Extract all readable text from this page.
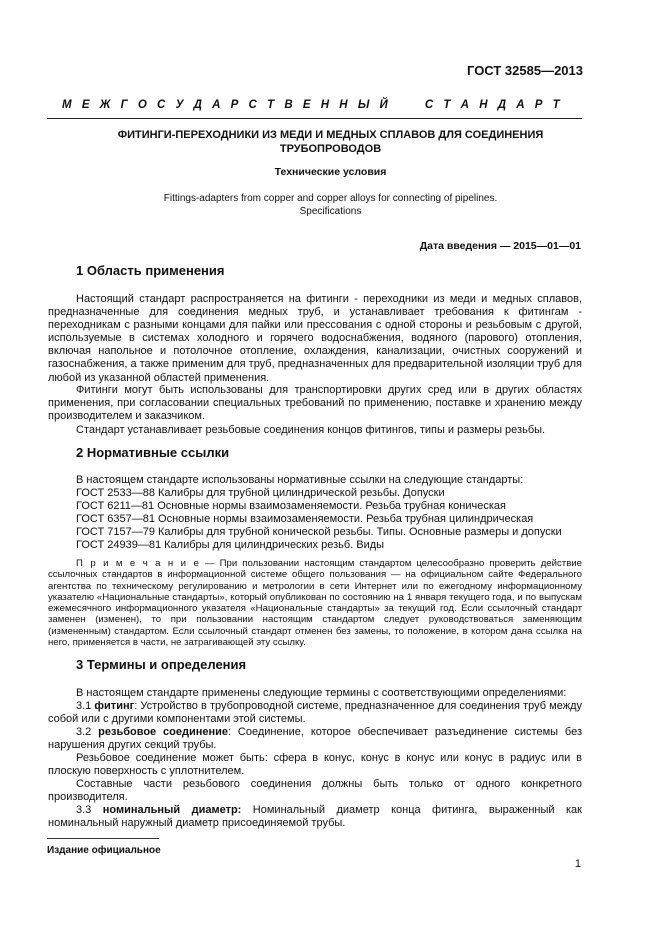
ГОСТ 32585—2013
М Е Ж Г О С У Д А Р С Т В Е Н Н Ы Й

	С Т А Н Д А Р Т
ФИТИНГИ-ПЕРЕХОДНИКИ ИЗ МЕДИ И МЕДНЫХ СПЛАВОВ ДЛЯ СОЕДИНЕНИЯ
ТРУБОПРОВОДОВ
Технические условия
Fittings-adapters from copper and copper alloys for connecting of pipelines.
Specifications
Дата введения — 2015—01—01
1 Область применения
Настоящий стандарт распространяется на фитинги - переходники из меди и медных сплавов, предназначенные для соединения медных труб, и устанавливает требования к фитингам - переходникам с разными концами для пайки или прессования с одной стороны и резьбовым с другой, используемые в системах холодного и горячего водоснабжения, водяного (парового) отопления, включая напольное и потолочное отопление, охлаждения, канализации, очистных сооружений и газоснабжения, а также применим для труб, предназначенных для предварительной изоляции труб для любой из указанной областей применения.
Фитинги могут быть использованы для транспортировки других сред или в других областях применения, при согласовании специальных требований по применению, поставке и хранению между производителем и заказчиком.
Стандарт устанавливает резьбовые соединения концов фитингов, типы и размеры резьбы.
2 Нормативные ссылки
В настоящем стандарте использованы нормативные ссылки на следующие стандарты:
ГОСТ 2533—88 Калибры для трубной цилиндрической резьбы. Допуски
ГОСТ 6211—81 Основные нормы взаимозаменяемости. Резьба трубная коническая
ГОСТ 6357—81 Основные нормы взаимозаменяемости. Резьба трубная цилиндрическая
ГОСТ 7157—79 Калибры для трубной конической резьбы. Типы. Основные размеры и допуски
ГОСТ 24939—81 Калибры для цилиндрических резьб. Виды
П р и м е ч а н и е — При пользовании настоящим стандартом целесообразно проверить действие ссылочных стандартов в информационной системе общего пользования — на официальном сайте Федерального агентства по техническому регулированию и метрологии в сети Интернет или по ежегодному информационному указателю «Национальные стандарты», который опубликован по состоянию на 1 января текущего года, и по выпускам ежемесячного информационного указателя «Национальные стандарты» за текущий год. Если ссылочный стандарт заменен (изменен), то при пользовании настоящим стандартом следует руководствоваться заменяющим (измененным) стандартом. Если ссылочный стандарт отменен без замены, то положение, в котором дана ссылка на него, применяется в части, не затрагивающей эту ссылку.
3 Термины и определения
В настоящем стандарте применены следующие термины с соответствующими определениями:
3.1 фитинг: Устройство в трубопроводной системе, предназначенное для соединения труб между собой или с другими компонентами этой системы.
3.2 резьбовое соединение: Соединение, которое обеспечивает разъединение системы без нарушения других секций трубы.
Резьбовое соединение может быть: сфера в конус, конус в конус или конус в радиус или в плоскую поверхность с уплотнителем.
Составные части резьбового соединения должны быть только от одного конкретного производителя.
3.3 номинальный диаметр: Номинальный диаметр конца фитинга, выраженный как номинальный наружный диаметр присоединяемой трубы.
Издание официальное
1
